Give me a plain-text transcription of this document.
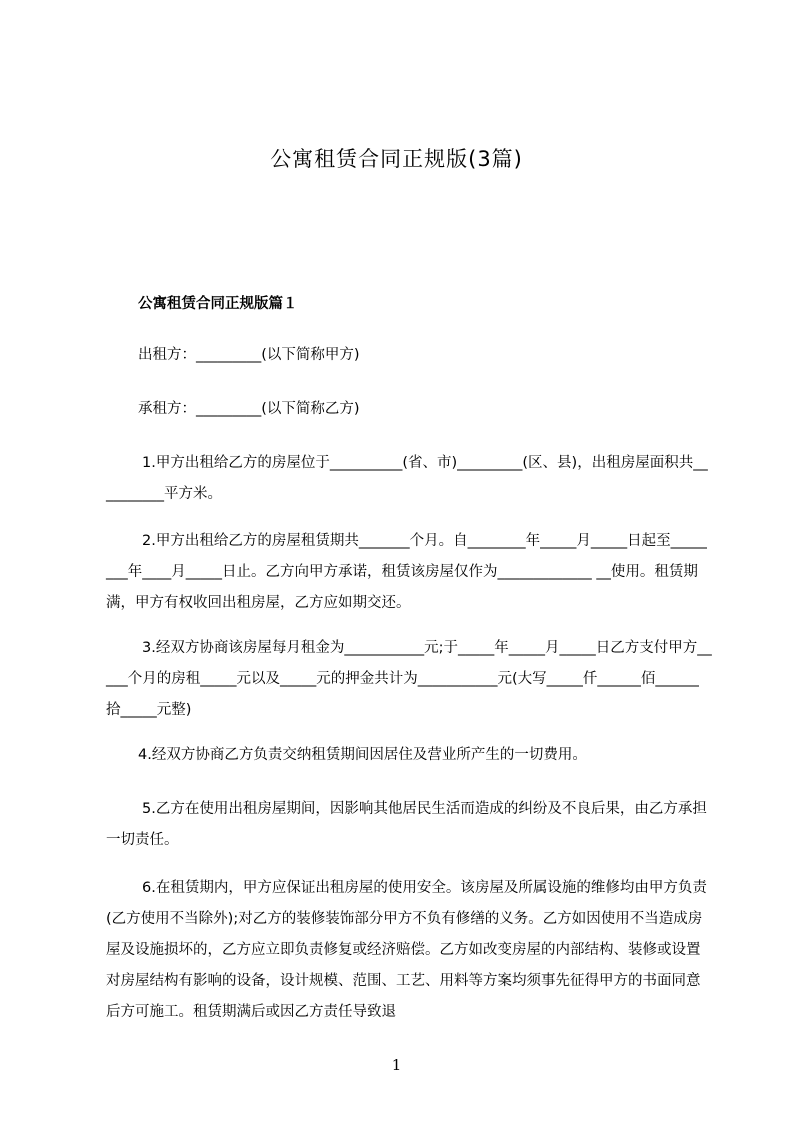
公寓租赁合同正规版(3篇)
公寓租赁合同正规版篇１

出租方：_________(以下简称甲方)

承租方：_________(以下简称乙方)

1.甲方出租给乙方的房屋位于__________(省、市)_________(区、县)，出租房屋面积共__________平方米。

2.甲方出租给乙方的房屋租赁期共_______个月。自________年_____月_____日起至________年____月_____日止。乙方向甲方承诺，租赁该房屋仅作为_____________ __使用。租赁期满，甲方有权收回出租房屋，乙方应如期交还。

3.经双方协商该房屋每月租金为___________元;于_____年_____月_____日乙方支付甲方_____个月的房租_____元以及_____元的押金共计为___________元(大写_____仟______佰______拾_____元整)

4.经双方协商乙方负责交纳租赁期间因居住及营业所产生的一切费用。

5.乙方在使用出租房屋期间，因影响其他居民生活而造成的纠纷及不良后果，由乙方承担一切责任。

6.在租赁期内，甲方应保证出租房屋的使用安全。该房屋及所属设施的维修均由甲方负责(乙方使用不当除外);对乙方的装修装饰部分甲方不负有修缮的义务。乙方如因使用不当造成房屋及设施损坏的，乙方应立即负责修复或经济赔偿。乙方如改变房屋的内部结构、装修或设置对房屋结构有影响的设备，设计规模、范围、工艺、用料等方案均须事先征得甲方的书面同意后方可施工。租赁期满后或因乙方责任导致退

1
